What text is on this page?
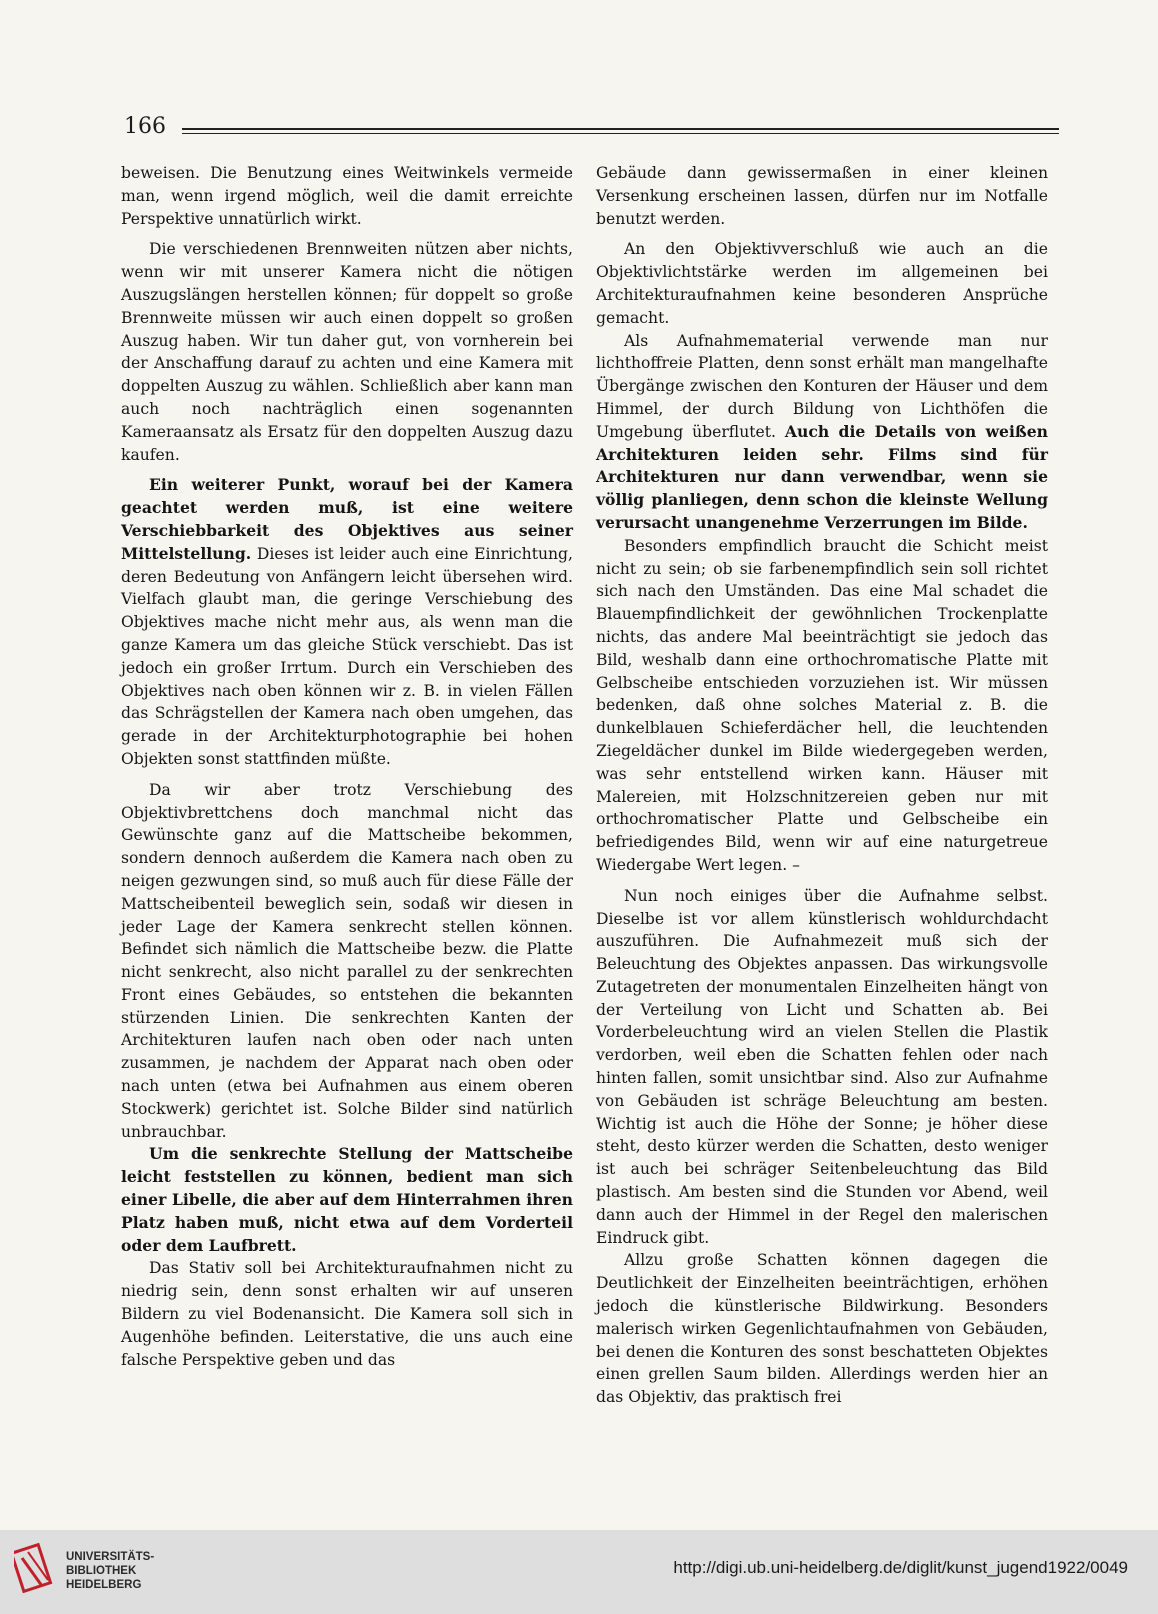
166

beweisen. Die Benutzung eines Weitwinkels vermeide man, wenn irgend möglich, weil die damit erreichte Perspektive unnatürlich wirkt.

Die verschiedenen Brennweiten nützen aber nichts, wenn wir mit unserer Kamera nicht die nötigen Auszugslängen herstellen können; für doppelt so große Brennweite müssen wir auch einen doppelt so großen Auszug haben. Wir tun daher gut, von vornherein bei der Anschaffung darauf zu achten und eine Kamera mit doppelten Auszug zu wählen. Schließlich aber kann man auch noch nachträglich einen sogenannten Kameraansatz als Ersatz für den doppelten Auszug dazu kaufen.

Ein weiterer Punkt, worauf bei der Kamera geachtet werden muß, ist eine weitere Verschiebbarkeit des Objektives aus seiner Mittelstellung. Dieses ist leider auch eine Einrichtung, deren Bedeutung von Anfängern leicht übersehen wird. Vielfach glaubt man, die geringe Verschiebung des Objektives mache nicht mehr aus, als wenn man die ganze Kamera um das gleiche Stück verschiebt. Das ist jedoch ein großer Irrtum. Durch ein Verschieben des Objektives nach oben können wir z. B. in vielen Fällen das Schrägstellen der Kamera nach oben umgehen, das gerade in der Architekturphotographie bei hohen Objekten sonst stattfinden müßte.

Da wir aber trotz Verschiebung des Objektivbrettchens doch manchmal nicht das Gewünschte ganz auf die Mattscheibe bekommen, sondern dennoch außerdem die Kamera nach oben zu neigen gezwungen sind, so muß auch für diese Fälle der Mattscheibenteil beweglich sein, sodaß wir diesen in jeder Lage der Kamera senkrecht stellen können. Befindet sich nämlich die Mattscheibe bezw. die Platte nicht senkrecht, also nicht parallel zu der senkrechten Front eines Gebäudes, so entstehen die bekannten stürzenden Linien. Die senkrechten Kanten der Architekturen laufen nach oben oder nach unten zusammen, je nachdem der Apparat nach oben oder nach unten (etwa bei Aufnahmen aus einem oberen Stockwerk) gerichtet ist. Solche Bilder sind natürlich unbrauchbar.

Um die senkrechte Stellung der Mattscheibe leicht feststellen zu können, bedient man sich einer Libelle, die aber auf dem Hinterrahmen ihren Platz haben muß, nicht etwa auf dem Vorderteil oder dem Laufbrett.

Das Stativ soll bei Architekturaufnahmen nicht zu niedrig sein, denn sonst erhalten wir auf unseren Bildern zu viel Bodenansicht. Die Kamera soll sich in Augenhöhe befinden. Leiterstative, die uns auch eine falsche Perspektive geben und das

Gebäude dann gewissermaßen in einer kleinen Versenkung erscheinen lassen, dürfen nur im Notfalle benutzt werden.

An den Objektivverschluß wie auch an die Objektivlichtstärke werden im allgemeinen bei Architekturaufnahmen keine besonderen Ansprüche gemacht.

Als Aufnahmematerial verwende man nur lichthoffreie Platten, denn sonst erhält man mangelhafte Übergänge zwischen den Konturen der Häuser und dem Himmel, der durch Bildung von Lichthöfen die Umgebung überflutet. Auch die Details von weißen Architekturen leiden sehr. Films sind für Architekturen nur dann verwendbar, wenn sie völlig planliegen, denn schon die kleinste Wellung verursacht unangenehme Verzerrungen im Bilde.

Besonders empfindlich braucht die Schicht meist nicht zu sein; ob sie farbenempfindlich sein soll richtet sich nach den Umständen. Das eine Mal schadet die Blauempfindlichkeit der gewöhnlichen Trockenplatte nichts, das andere Mal beeinträchtigt sie jedoch das Bild, weshalb dann eine orthochromatische Platte mit Gelbscheibe entschieden vorzuziehen ist. Wir müssen bedenken, daß ohne solches Material z. B. die dunkelblauen Schieferdächer hell, die leuchtenden Ziegeldächer dunkel im Bilde wiedergegeben werden, was sehr entstellend wirken kann. Häuser mit Malereien, mit Holzschnitzereien geben nur mit orthochromatischer Platte und Gelbscheibe ein befriedigendes Bild, wenn wir auf eine naturgetreue Wiedergabe Wert legen. –

Nun noch einiges über die Aufnahme selbst. Dieselbe ist vor allem künstlerisch wohldurchdacht auszuführen. Die Aufnahmezeit muß sich der Beleuchtung des Objektes anpassen. Das wirkungsvolle Zutagetreten der monumentalen Einzelheiten hängt von der Verteilung von Licht und Schatten ab. Bei Vorderbeleuchtung wird an vielen Stellen die Plastik verdorben, weil eben die Schatten fehlen oder nach hinten fallen, somit unsichtbar sind. Also zur Aufnahme von Gebäuden ist schräge Beleuchtung am besten. Wichtig ist auch die Höhe der Sonne; je höher diese steht, desto kürzer werden die Schatten, desto weniger ist auch bei schräger Seitenbeleuchtung das Bild plastisch. Am besten sind die Stunden vor Abend, weil dann auch der Himmel in der Regel den malerischen Eindruck gibt.

Allzu große Schatten können dagegen die Deutlichkeit der Einzelheiten beeinträchtigen, erhöhen jedoch die künstlerische Bildwirkung. Besonders malerisch wirken Gegenlichtaufnahmen von Gebäuden, bei denen die Konturen des sonst beschatteten Objektes einen grellen Saum bilden. Allerdings werden hier an das Objektiv, das praktisch frei

UNIVERSITÄTS-
BIBLIOTHEK
HEIDELBERG
http://digi.ub.uni-heidelberg.de/diglit/kunst_jugend1922/0049
